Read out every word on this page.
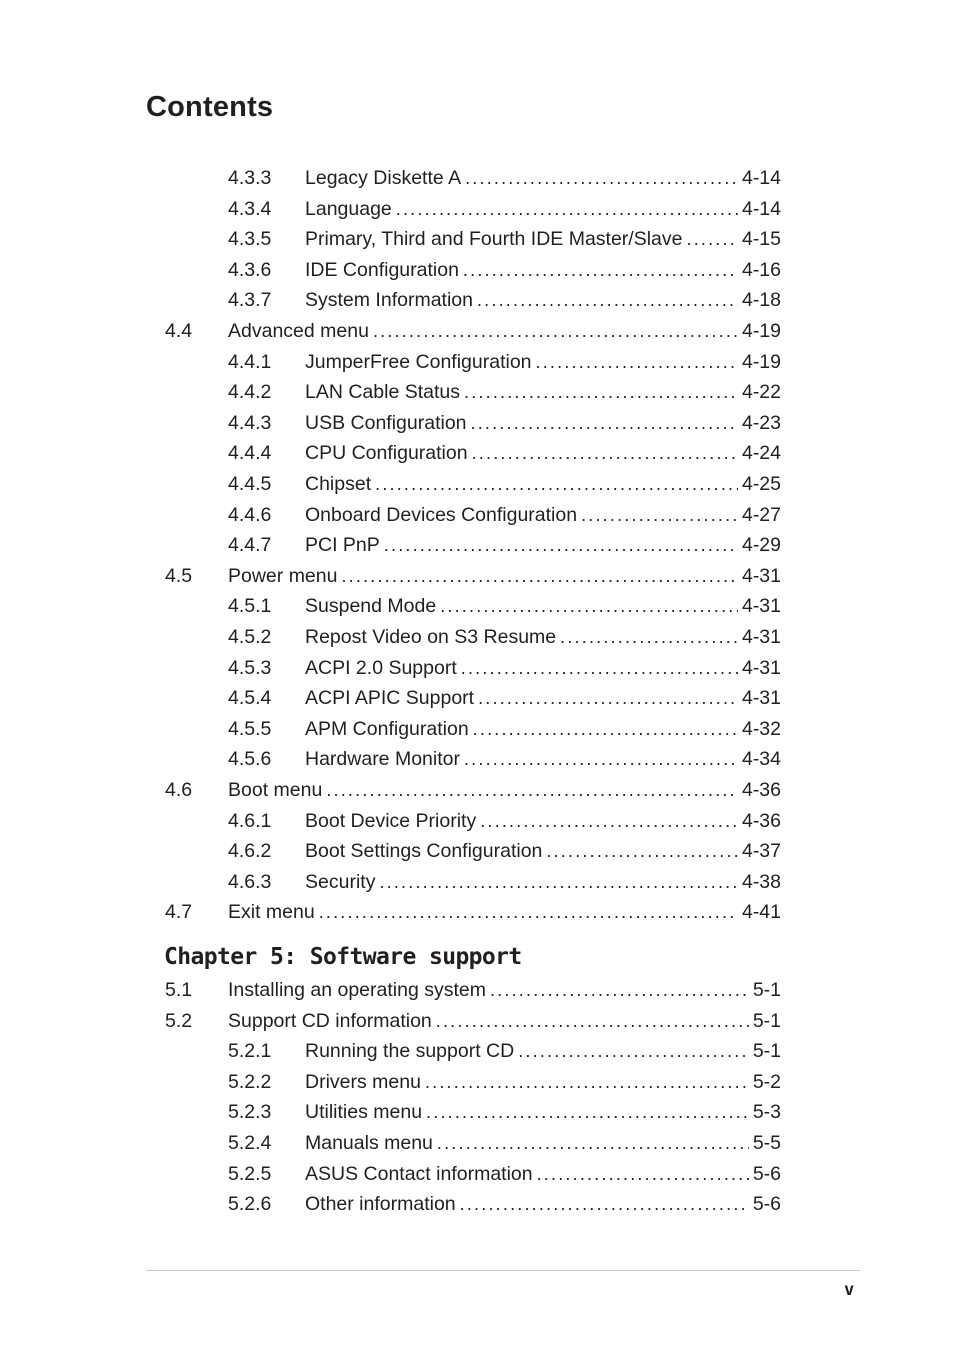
Contents
4.3.3	Legacy Diskette A . . .	4-14
4.3.4	Language . . .	4-14
4.3.5	Primary, Third and Fourth IDE Master/Slave . . .	4-15
4.3.6	IDE Configuration . . .	4-16
4.3.7	System Information . . .	4-18
4.4	Advanced menu . . .	4-19
4.4.1	JumperFree Configuration . . .	4-19
4.4.2	LAN Cable Status . . .	4-22
4.4.3	USB Configuration . . .	4-23
4.4.4	CPU Configuration . . .	4-24
4.4.5	Chipset . . .	4-25
4.4.6	Onboard Devices Configuration . . .	4-27
4.4.7	PCI PnP . . .	4-29
4.5	Power menu . . .	4-31
4.5.1	Suspend Mode . . .	4-31
4.5.2	Repost Video on S3 Resume . . .	4-31
4.5.3	ACPI 2.0 Support . . .	4-31
4.5.4	ACPI APIC Support . . .	4-31
4.5.5	APM Configuration . . .	4-32
4.5.6	Hardware Monitor . . .	4-34
4.6	Boot menu . . .	4-36
4.6.1	Boot Device Priority . . .	4-36
4.6.2	Boot Settings Configuration . . .	4-37
4.6.3	Security . . .	4-38
4.7	Exit menu . . .	4-41
Chapter 5: Software support
5.1	Installing an operating system . . .	5-1
5.2	Support CD information . . .	5-1
5.2.1	Running the support CD . . .	5-1
5.2.2	Drivers menu . . .	5-2
5.2.3	Utilities menu . . .	5-3
5.2.4	Manuals menu . . .	5-5
5.2.5	ASUS Contact information . . .	5-6
5.2.6	Other information . . .	5-6
v
